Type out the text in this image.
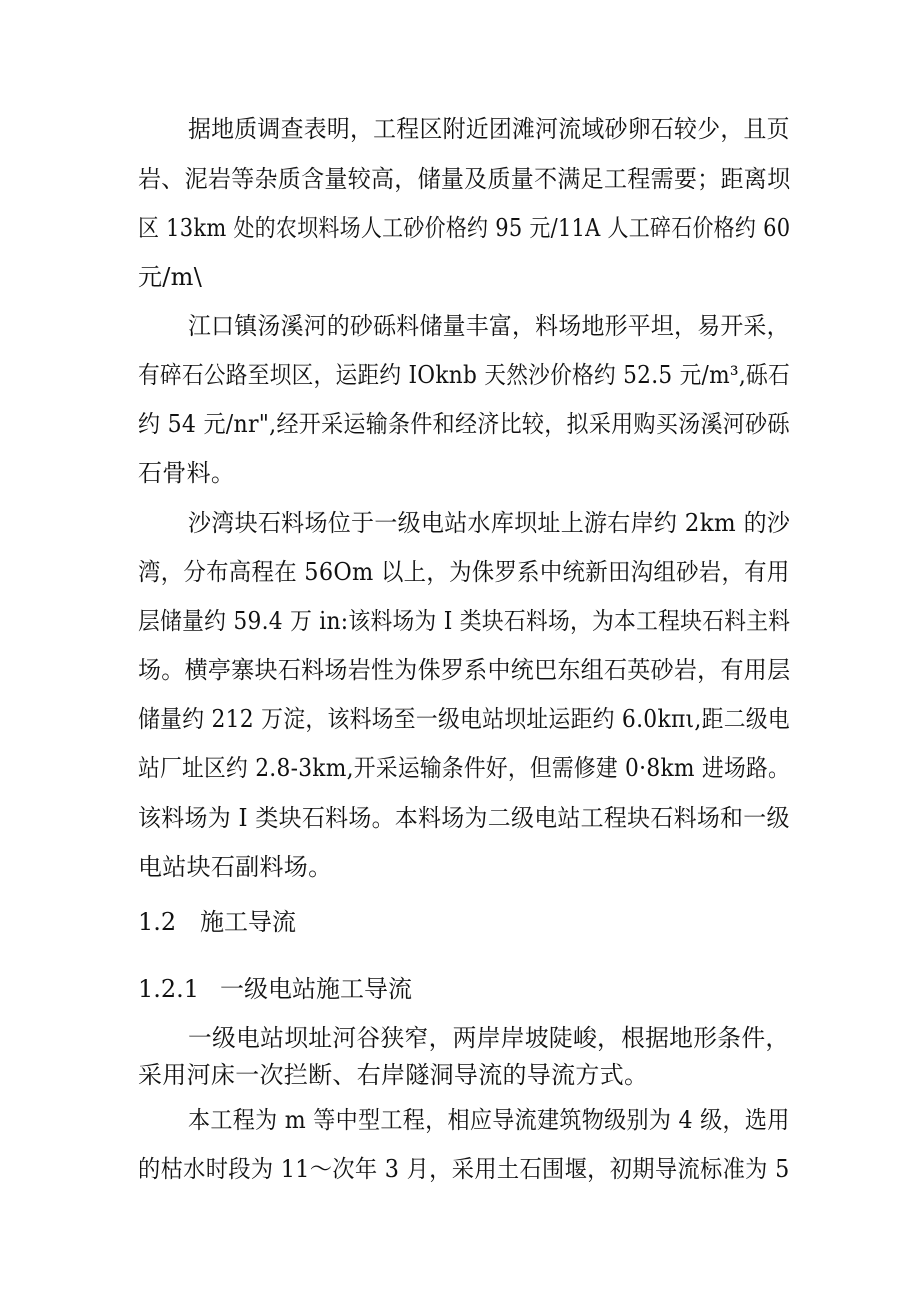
据地质调查表明，工程区附近团滩河流域砂卵石较少，且页
岩、泥岩等杂质含量较高，储量及质量不满足工程需要；距离坝
区 13km 处的农坝料场人工砂价格约 95 元/11A 人工碎石价格约 60
元/m\
江口镇汤溪河的砂砾料储量丰富，料场地形平坦，易开采，
有碎石公路至坝区，运距约 IOknb 天然沙价格约 52.5 元/m³,砾石
约 54 元/nr",经开采运输条件和经济比较，拟采用购买汤溪河砂砾
石骨料。
沙湾块石料场位于一级电站水库坝址上游右岸约 2km 的沙
湾，分布高程在 56Om 以上，为侏罗系中统新田沟组砂岩，有用
层储量约 59.4 万 in:该料场为 I 类块石料场，为本工程块石料主料
场。横亭寨块石料场岩性为侏罗系中统巴东组石英砂岩，有用层
储量约 212 万淀，该料场至一级电站坝址运距约 6.0kπι,距二级电
站厂址区约 2.8-3km,开采运输条件好，但需修建 0·8km 进场路。
该料场为 I 类块石料场。本料场为二级电站工程块石料场和一级
电站块石副料场。
1.2 施工导流
1.2.1 一级电站施工导流
一级电站坝址河谷狭窄，两岸岸坡陡峻，根据地形条件，
采用河床一次拦断、右岸隧洞导流的导流方式。
本工程为 m 等中型工程，相应导流建筑物级别为 4 级，选用
的枯水时段为 11～次年 3 月，采用土石围堰，初期导流标准为 5
